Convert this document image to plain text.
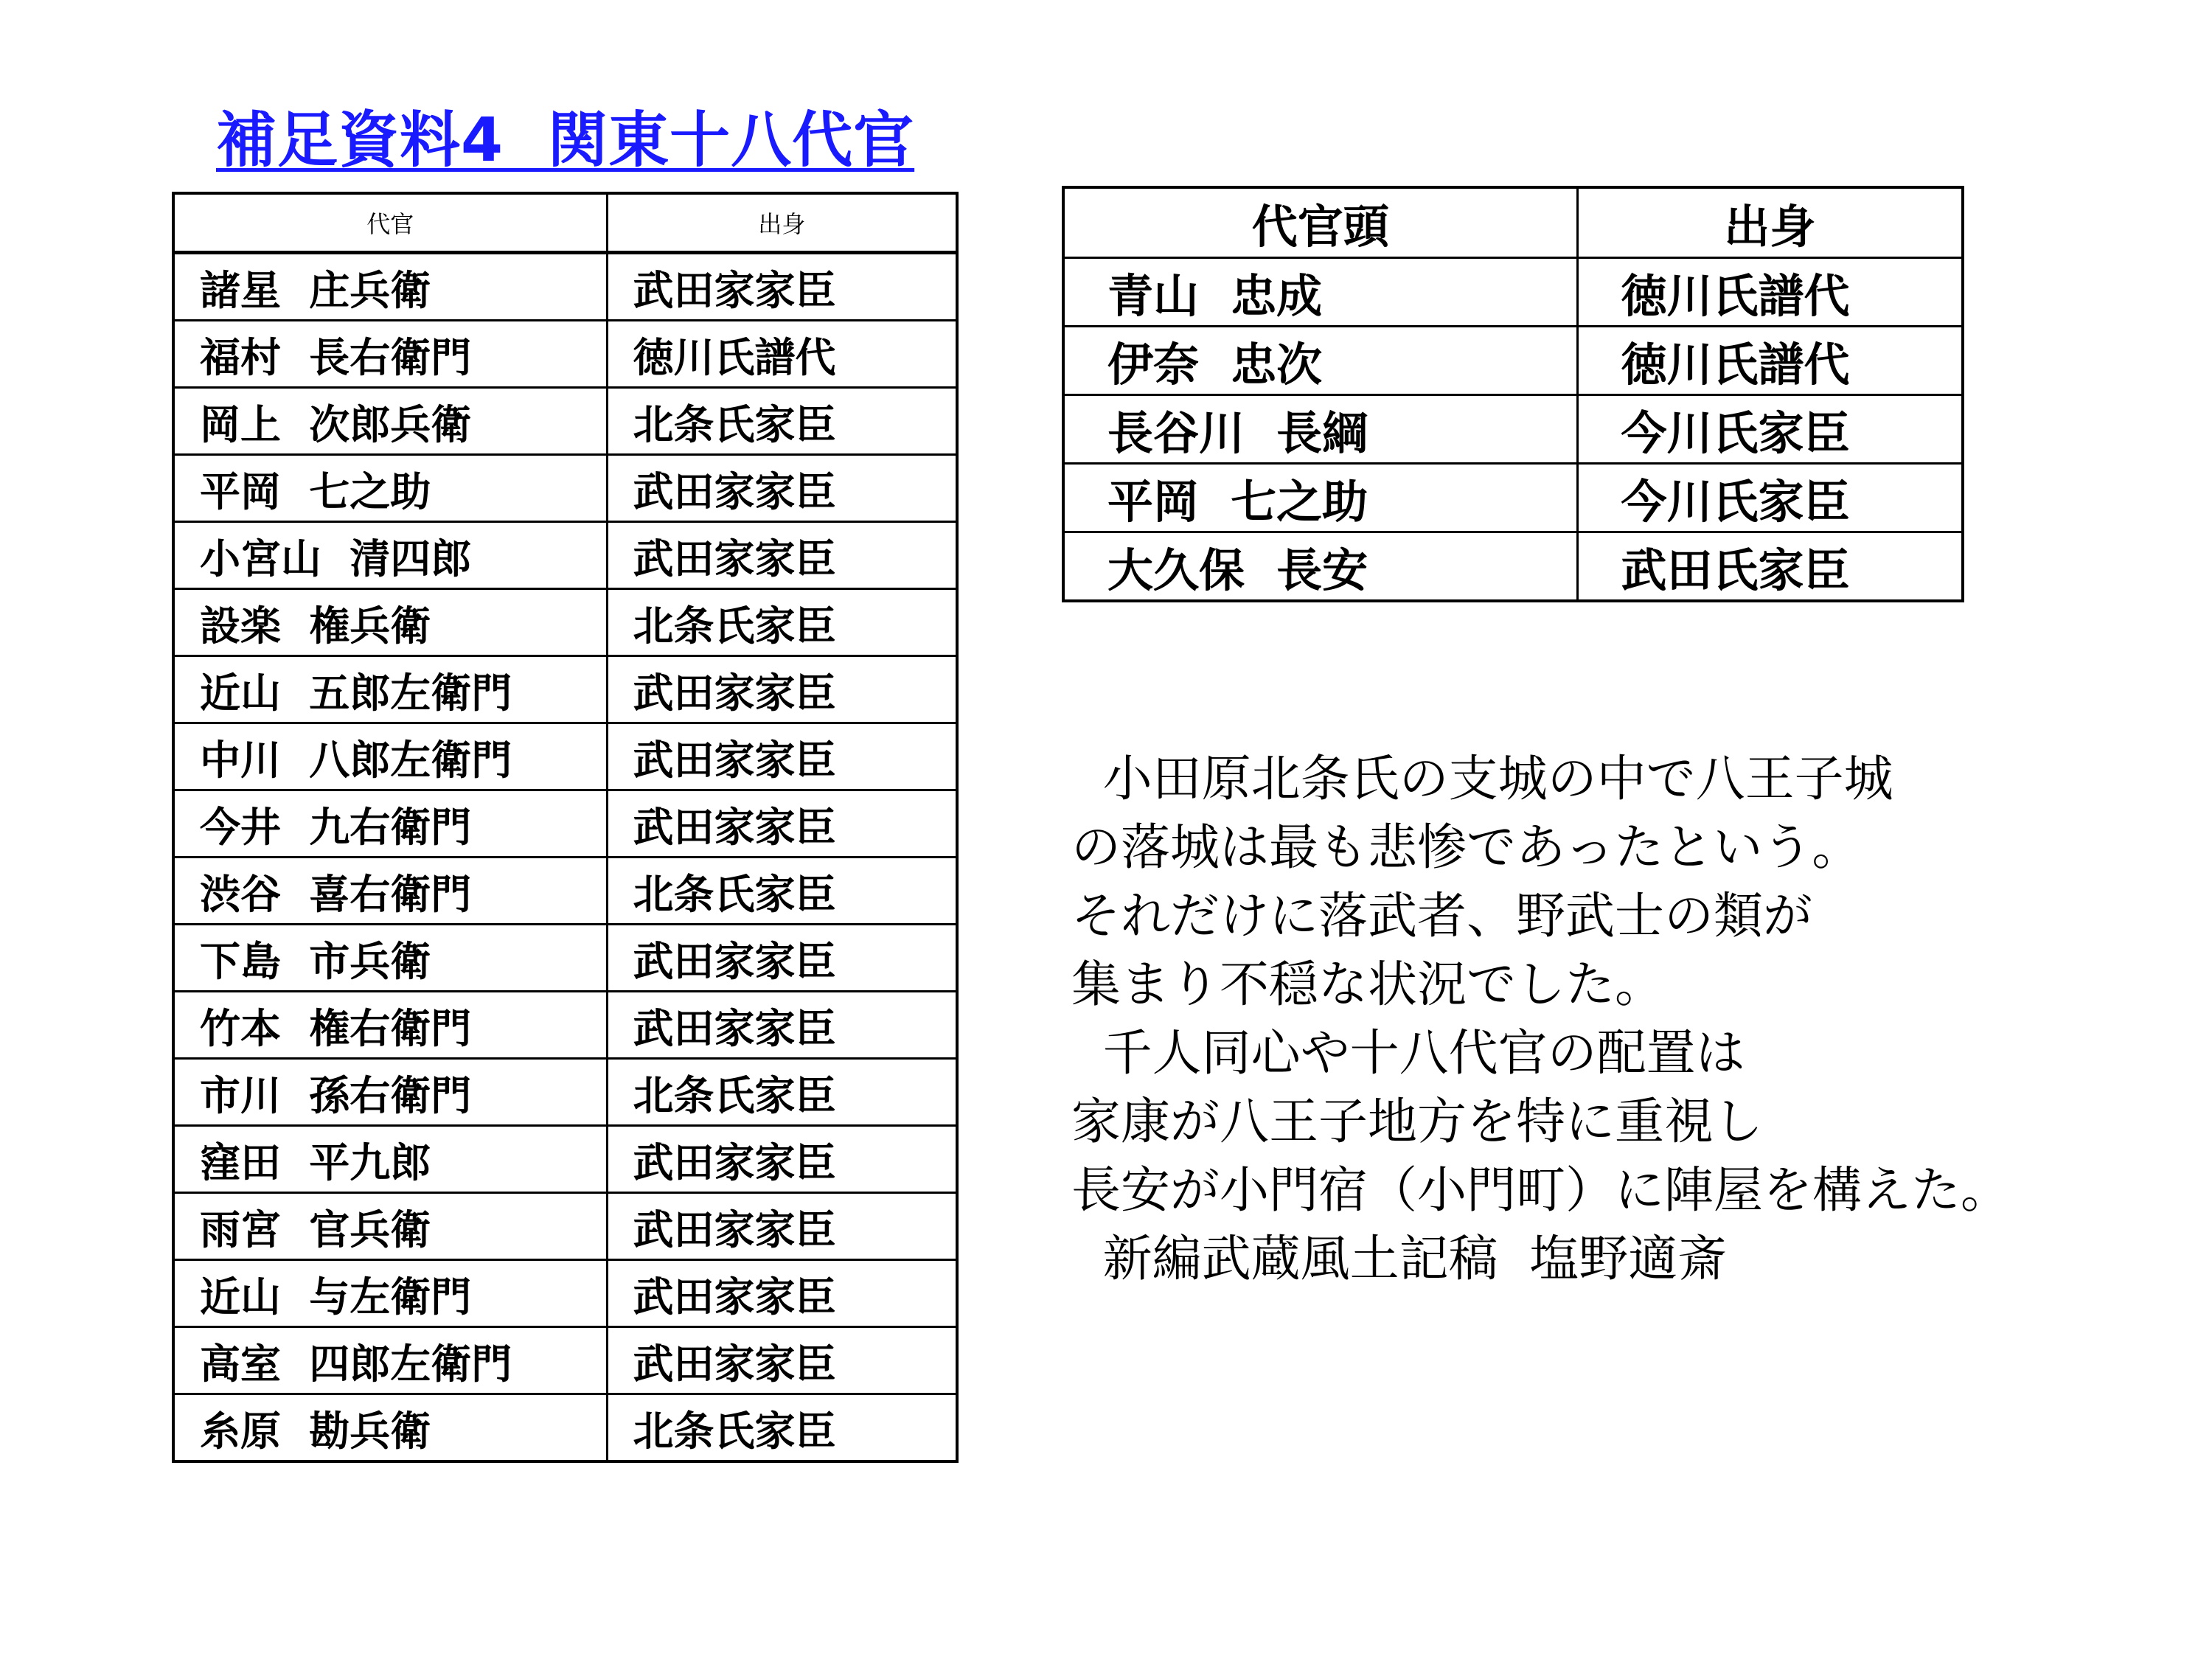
補足資料4  関東十八代官
代官	出身
諸星  庄兵衛	武田家家臣
福村  長右衛門	徳川氏譜代
岡上  次郎兵衛	北条氏家臣
平岡  七之助	武田家家臣
小宮山  清四郎	武田家家臣
設楽  権兵衛	北条氏家臣
近山  五郎左衛門	武田家家臣
中川  八郎左衛門	武田家家臣
今井  九右衛門	武田家家臣
渋谷  喜右衛門	北条氏家臣
下島  市兵衛	武田家家臣
竹本  権右衛門	武田家家臣
市川  孫右衛門	北条氏家臣
窪田  平九郎	武田家家臣
雨宮  官兵衛	武田家家臣
近山  与左衛門	武田家家臣
高室  四郎左衛門	武田家家臣
糸原  勘兵衛	北条氏家臣
代官頭	出身
青山  忠成	徳川氏譜代
伊奈  忠次	徳川氏譜代
長谷川  長綱	今川氏家臣
平岡  七之助	今川氏家臣
大久保  長安	武田氏家臣
小田原北条氏の支城の中で八王子城
の落城は最も悲惨であったという。
それだけに落武者、野武士の類が
集まり不穏な状況でした。
千人同心や十八代官の配置は
家康が八王子地方を特に重視し
長安が小門宿（小門町）に陣屋を構えた。
新編武蔵風土記稿  塩野適斎
